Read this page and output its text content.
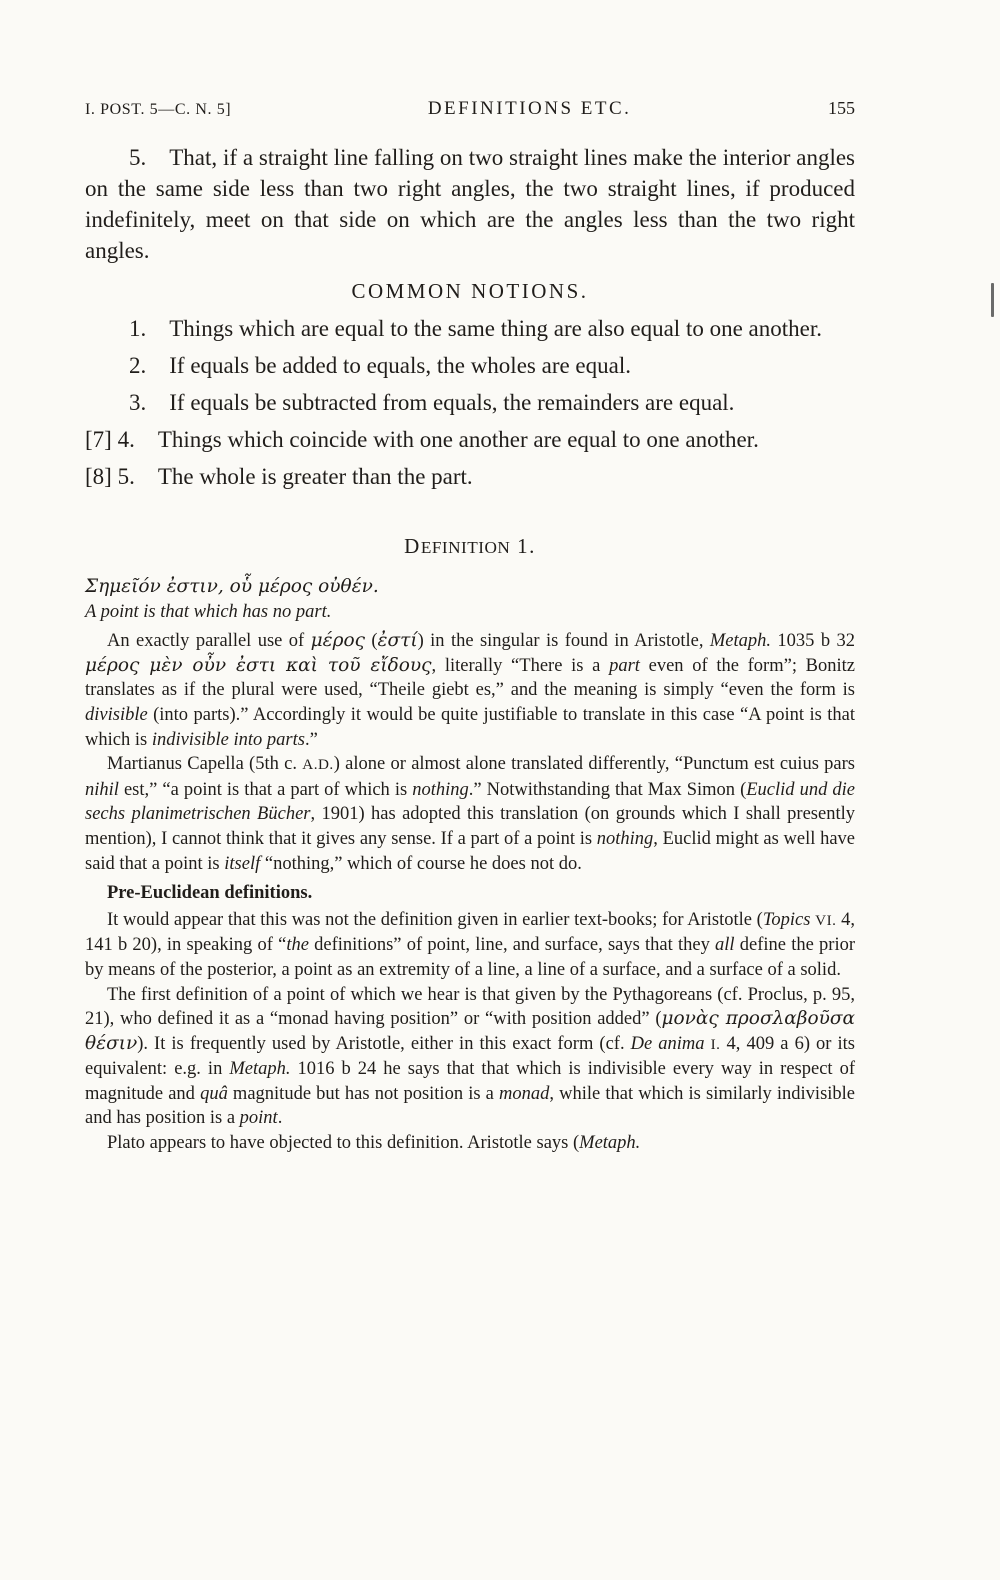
I. POST. 5—C. N. 5]	DEFINITIONS ETC.	155

5. That, if a straight line falling on two straight lines make the interior angles on the same side less than two right angles, the two straight lines, if produced indefinitely, meet on that side on which are the angles less than the two right angles.

COMMON NOTIONS.

1. Things which are equal to the same thing are also equal to one another.

2. If equals be added to equals, the wholes are equal.

3. If equals be subtracted from equals, the remainders are equal.

[7] 4. Things which coincide with one another are equal to one another.

[8] 5. The whole is greater than the part.

DEFINITION 1.

Σημεῖόν ἐστιν, οὗ μέρος οὐθέν.

A point is that which has no part.

An exactly parallel use of μέρος (ἐστί) in the singular is found in Aristotle, Metaph. 1035 b 32 μέρος μὲν οὖν ἐστι καὶ τοῦ εἴδους, literally “There is a part even of the form”; Bonitz translates as if the plural were used, “Theile giebt es,” and the meaning is simply “even the form is divisible (into parts).” Accordingly it would be quite justifiable to translate in this case “A point is that which is indivisible into parts.”

Martianus Capella (5th c. A.D.) alone or almost alone translated differently, “Punctum est cuius pars nihil est,” “a point is that a part of which is nothing.” Notwithstanding that Max Simon (Euclid und die sechs planimetrischen Bücher, 1901) has adopted this translation (on grounds which I shall presently mention), I cannot think that it gives any sense. If a part of a point is nothing, Euclid might as well have said that a point is itself “nothing,” which of course he does not do.

Pre-Euclidean definitions.

It would appear that this was not the definition given in earlier text-books; for Aristotle (Topics VI. 4, 141 b 20), in speaking of “the definitions” of point, line, and surface, says that they all define the prior by means of the posterior, a point as an extremity of a line, a line of a surface, and a surface of a solid.

The first definition of a point of which we hear is that given by the Pythagoreans (cf. Proclus, p. 95, 21), who defined it as a “monad having position” or “with position added” (μονὰς προσλαβοῦσα θέσιν). It is frequently used by Aristotle, either in this exact form (cf. De anima I. 4, 409 a 6) or its equivalent: e.g. in Metaph. 1016 b 24 he says that that which is indivisible every way in respect of magnitude and quâ magnitude but has not position is a monad, while that which is similarly indivisible and has position is a point.

Plato appears to have objected to this definition. Aristotle says (Metaph.
